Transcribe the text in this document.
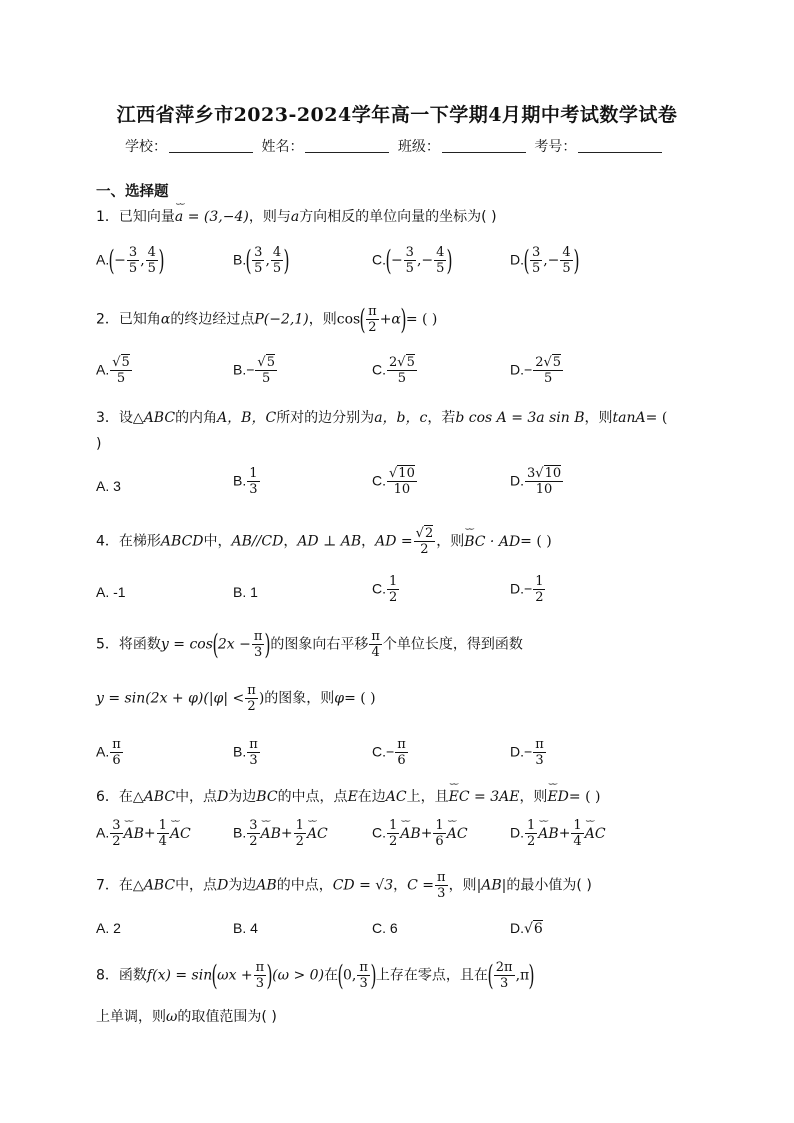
江西省萍乡市2023-2024学年高一下学期4月期中考试数学试卷
学校：	姓名：	班级：	考号：
一、选择题
1．已知向量⌣⌣ a = (3,−4)，则与a方向相反的单位向量的坐标为( )
$A.(- \frac{3}{5}$ , $\frac{4}{5}$ )	$B.( \frac{3}{5}$ , $\frac{4}{5}$ )	$C.(- \frac{3}{5}$ ,− $\frac{4}{5}$ )	$D.( \frac{3}{5}$ ,− $\frac{4}{5}$ )
2．已知角α的终边经过点P(−2,1)，则$\cos( \frac{\pi}{2} +\alpha)=$ ( )
A. $\frac{√5}{5}$	$B.- \frac{√5}{5}$	C. $\frac{2√5}{5}$	$D.- \frac{2√5}{5}$
3．设△ABC的内角A，B，C所对的边分别为a，b，c，若b cos A = 3a sin B，则tanA= (
)
A. 3	B. $\frac{1}{3}$	C. $\frac{√10}{10}$	D. $\frac{3√10}{10}$
4．在梯形ABCD中，AB//CD，AD ⊥ AB，AD = $\frac{√2}{2}$ ，则⌣⌣ BC · AD= ( )
A. -1	B. 1	C. $\frac{1}{2}$	$D.- \frac{1}{2}$
5．将函数$y = \cos(2x - \frac{\pi}{3}$ )的图象向右平移 $\frac{\pi}{4}$ 个单位长度，得到函数
$y = \sin(2x + \varphi)(|\varphi| < \frac{\pi}{2}$ )的图象，则φ= ( )
A. $\frac{\pi}{6}$	B. $\frac{\pi}{3}$	$C.- \frac{\pi}{6}$	$D.- \frac{\pi}{3}$
6．在△ABC中，点D为边BC的中点，点E在边AC上，且⌣⌣ EC = 3AE，则⌣⌣ ED= ( )
A. $\frac{3}{2}$ ⌣⌣ $AB+ \frac{1}{4}$ ⌣⌣ AC	B. $\frac{3}{2}$ ⌣⌣ $AB+ \frac{1}{2}$ ⌣⌣ AC	C. $\frac{1}{2}$ ⌣⌣ $AB+ \frac{1}{6}$ ⌣⌣ AC	D. $\frac{1}{2}$ ⌣⌣ $AB+ \frac{1}{4}$ ⌣⌣ AC
7．在△ABC中，点D为边AB的中点，CD = √3，$C = \frac{\pi}{3}$ ，则|AB|的最小值为( )
A. 2	B. 4	C. 6	D.√6
8．函数$f(x) = \sin(\omega x + \frac{\pi}{3} )(\omega > 0)$在(0, $\frac{\pi}{3}$ )上存在零点，且在( $\frac{2\pi}{3} ,\pi$)
上单调，则ω的取值范围为( )
